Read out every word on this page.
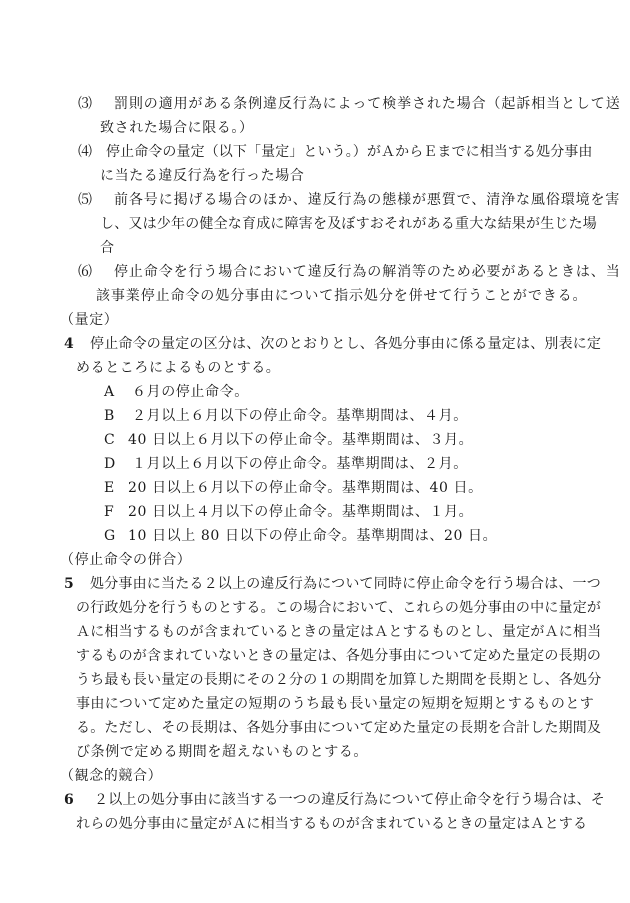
⑶ 罰則の適用がある条例違反行為によって検挙された場合（起訴相当として送
致された場合に限る。）
⑷ 停止命令の量定（以下「量定」という。）がＡからＥまでに相当する処分事由
に当たる違反行為を行った場合
⑸ 前各号に掲げる場合のほか、違反行為の態様が悪質で、清浄な風俗環境を害
し、又は少年の健全な育成に障害を及ぼすおそれがある重大な結果が生じた場
合
⑹ 停止命令を行う場合において違反行為の解消等のため必要があるときは、当
該事業停止命令の処分事由について指示処分を併せて行うことができる。
（量定）
4 停止命令の量定の区分は、次のとおりとし、各処分事由に係る量定は、別表に定
めるところによるものとする。
A ６月の停止命令。
B ２月以上６月以下の停止命令。基準期間は、４月。
C 40 日以上６月以下の停止命令。基準期間は、３月。
D １月以上６月以下の停止命令。基準期間は、２月。
E 20 日以上６月以下の停止命令。基準期間は、40 日。
F 20 日以上４月以下の停止命令。基準期間は、１月。
G 10 日以上 80 日以下の停止命令。基準期間は、20 日。
（停止命令の併合）
5 処分事由に当たる２以上の違反行為について同時に停止命令を行う場合は、一つ
の行政処分を行うものとする。この場合において、これらの処分事由の中に量定が
Ａに相当するものが含まれているときの量定はＡとするものとし、量定がＡに相当
するものが含まれていないときの量定は、各処分事由について定めた量定の長期の
うち最も長い量定の長期にその２分の１の期間を加算した期間を長期とし、各処分
事由について定めた量定の短期のうち最も長い量定の短期を短期とするものとす
る。ただし、その長期は、各処分事由について定めた量定の長期を合計した期間及
び条例で定める期間を超えないものとする。
（観念的競合）
6 ２以上の処分事由に該当する一つの違反行為について停止命令を行う場合は、そ
れらの処分事由に量定がＡに相当するものが含まれているときの量定はＡとする
